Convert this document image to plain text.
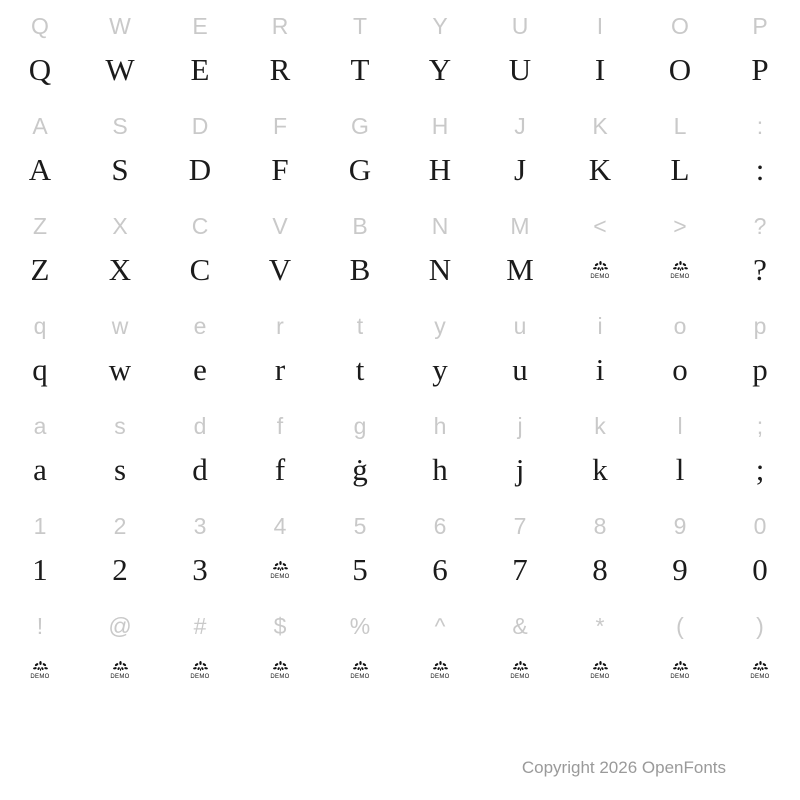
Q
Q
W
W
E
E
R
R
T
T
Y
Y
U
U
I
I
O
O
P
P
A
A
S
S
D
D
F
F
G
G
H
H
J
J
K
K
L
L
:
:
Z
Z
X
X
C
C
V
V
B
B
N
N
M
M
<
DEMO
>
DEMO
?
?
q
q
w
w
e
e
r
r
t
t
y
y
u
u
i
i
o
o
p
p
a
a
s
s
d
d
f
f
g
ġ
h
h
j
j
k
k
l
l
;
;
1
1
2
2
3
3
4
DEMO
5
5
6
6
7
7
8
8
9
9
0
0
!
DEMO
@
DEMO
#
DEMO
$
DEMO
%
DEMO
^
DEMO
&
DEMO
*
DEMO
(
DEMO
)
DEMO
Copyright 2026 OpenFonts
